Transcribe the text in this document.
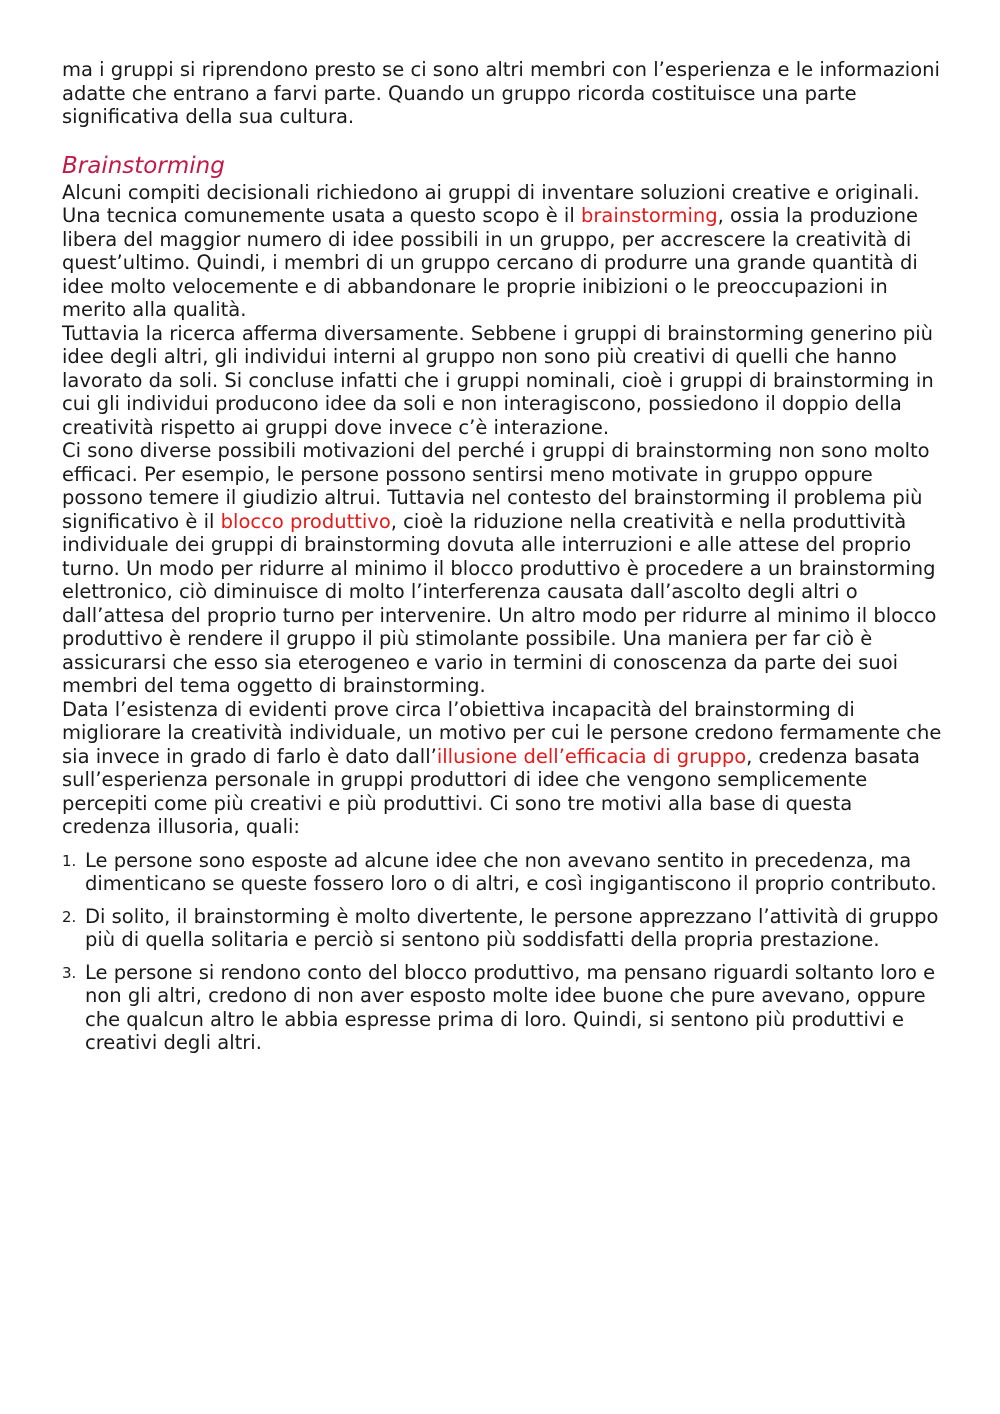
ma i gruppi si riprendono presto se ci sono altri membri con l’esperienza e le informazioni adatte che entrano a farvi parte. Quando un gruppo ricorda costituisce una parte significativa della sua cultura.

Brainstorming

Alcuni compiti decisionali richiedono ai gruppi di inventare soluzioni creative e originali. Una tecnica comunemente usata a questo scopo è il brainstorming, ossia la produzione libera del maggior numero di idee possibili in un gruppo, per accrescere la creatività di quest’ultimo. Quindi, i membri di un gruppo cercano di produrre una grande quantità di idee molto velocemente e di abbandonare le proprie inibizioni o le preoccupazioni in merito alla qualità.

Tuttavia la ricerca afferma diversamente. Sebbene i gruppi di brainstorming generino più idee degli altri, gli individui interni al gruppo non sono più creativi di quelli che hanno lavorato da soli. Si concluse infatti che i gruppi nominali, cioè i gruppi di brainstorming in cui gli individui producono idee da soli e non interagiscono, possiedono il doppio della creatività rispetto ai gruppi dove invece c’è interazione.

Ci sono diverse possibili motivazioni del perché i gruppi di brainstorming non sono molto efficaci. Per esempio, le persone possono sentirsi meno motivate in gruppo oppure possono temere il giudizio altrui. Tuttavia nel contesto del brainstorming il problema più significativo è il blocco produttivo, cioè la riduzione nella creatività e nella produttività individuale dei gruppi di brainstorming dovuta alle interruzioni e alle attese del proprio turno. Un modo per ridurre al minimo il blocco produttivo è procedere a un brainstorming elettronico, ciò diminuisce di molto l’interferenza causata dall’ascolto degli altri o dall’attesa del proprio turno per intervenire. Un altro modo per ridurre al minimo il blocco produttivo è rendere il gruppo il più stimolante possibile. Una maniera per far ciò è assicurarsi che esso sia eterogeneo e vario in termini di conoscenza da parte dei suoi membri del tema oggetto di brainstorming.

Data l’esistenza di evidenti prove circa l’obiettiva incapacità del brainstorming di migliorare la creatività individuale, un motivo per cui le persone credono fermamente che sia invece in grado di farlo è dato dall’illusione dell’efficacia di gruppo, credenza basata sull’esperienza personale in gruppi produttori di idee che vengono semplicemente percepiti come più creativi e più produttivi. Ci sono tre motivi alla base di questa credenza illusoria, quali:

1. Le persone sono esposte ad alcune idee che non avevano sentito in precedenza, ma dimenticano se queste fossero loro o di altri, e così ingigantiscono il proprio contributo.
2. Di solito, il brainstorming è molto divertente, le persone apprezzano l’attività di gruppo più di quella solitaria e perciò si sentono più soddisfatti della propria prestazione.
3. Le persone si rendono conto del blocco produttivo, ma pensano riguardi soltanto loro e non gli altri, credono di non aver esposto molte idee buone che pure avevano, oppure che qualcun altro le abbia espresse prima di loro. Quindi, si sentono più produttivi e creativi degli altri.
